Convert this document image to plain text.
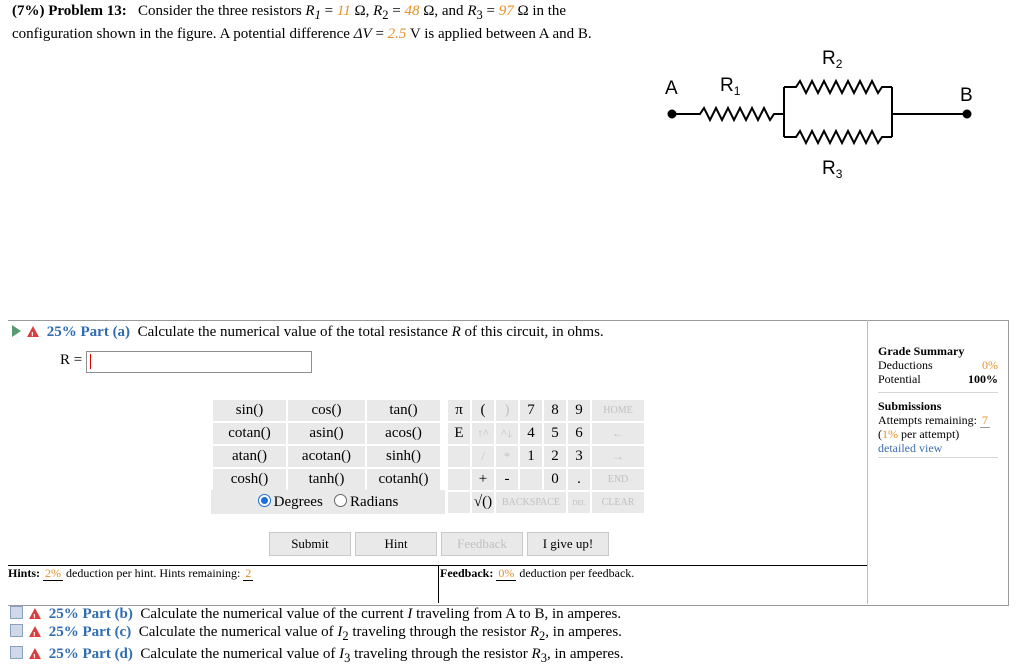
(7%) Problem 13: Consider the three resistors $R_1 = 11$ Ω, $R_2 = 48$ Ω, and $R_3 = 97$ Ω in the
configuration shown in the figure. A potential difference ΔV = 2.5 V is applied between A and B.
A	B
$R_1$
$R_2$
$R_3$
! 25% Part (a) Calculate the numerical value of the total resistance R of this circuit, in ohms.
R =
sin()	cos()	tan()
cotan()	asin()	acos()
atan()	acotan()	sinh()
cosh()	tanh()	cotanh()
Degrees Radians
π	(	)	7	8	9	HOME
E	↑^	^↓	4	5	6	←
	/	*	1	2	3	→
	+	-		0	.	END
	√()	BACKSPACE			DEL	CLEAR
Submit	Hint	Feedback	I give up!
Hints: 2% deduction per hint. Hints remaining: 2	Feedback: 0% deduction per feedback.
Grade Summary
Deductions	0%
Potential	100%
Submissions
Attempts remaining: 7
(1% per attempt)
detailed view
! 25% Part (b) Calculate the numerical value of the current I traveling from A to B, in amperes.
! 25% Part (c) Calculate the numerical value of $I_2$ traveling through the resistor $R_2$, in amperes.
! 25% Part (d) Calculate the numerical value of $I_3$ traveling through the resistor $R_3$, in amperes.
